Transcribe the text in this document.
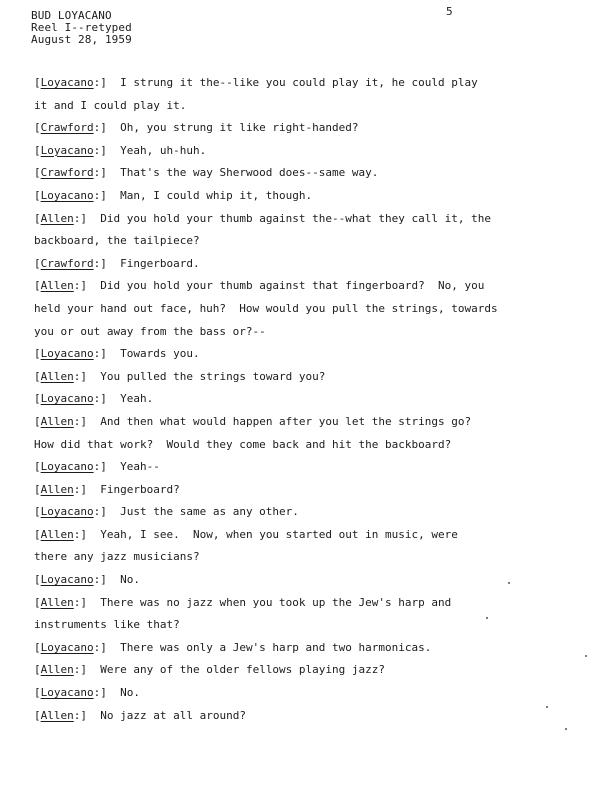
BUD LOYACANO
Reel I--retyped
August 28, 1959
5
[Loyacano:]  I strung it the--like you could play it, he could play
it and I could play it.
[Crawford:]  Oh, you strung it like right-handed?
[Loyacano:]  Yeah, uh-huh.
[Crawford:]  That's the way Sherwood does--same way.
[Loyacano:]  Man, I could whip it, though.
[Allen:]  Did you hold your thumb against the--what they call it, the
backboard, the tailpiece?
[Crawford:]  Fingerboard.
[Allen:]  Did you hold your thumb against that fingerboard?  No, you
held your hand out face, huh?  How would you pull the strings, towards
you or out away from the bass or?--
[Loyacano:]  Towards you.
[Allen:]  You pulled the strings toward you?
[Loyacano:]  Yeah.
[Allen:]  And then what would happen after you let the strings go?
How did that work?  Would they come back and hit the backboard?
[Loyacano:]  Yeah--
[Allen:]  Fingerboard?
[Loyacano:]  Just the same as any other.
[Allen:]  Yeah, I see.  Now, when you started out in music, were
there any jazz musicians?
[Loyacano:]  No.
[Allen:]  There was no jazz when you took up the Jew's harp and
instruments like that?
[Loyacano:]  There was only a Jew's harp and two harmonicas.
[Allen:]  Were any of the older fellows playing jazz?
[Loyacano:]  No.
[Allen:]  No jazz at all around?
